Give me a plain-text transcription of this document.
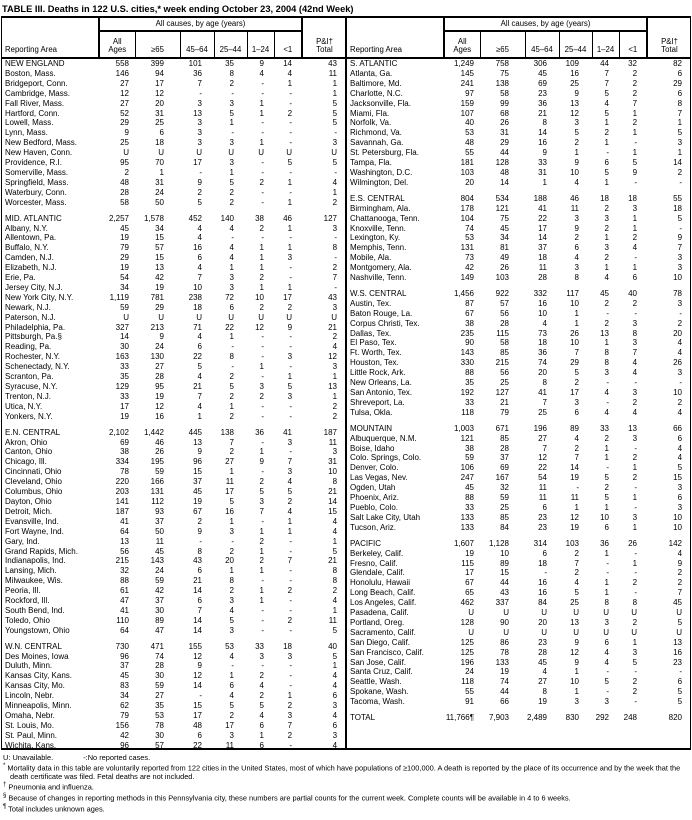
TABLE III. Deaths in 122 U.S. cities,* week ending October 23, 2004 (42nd Week)
	All causes, by age (years)						
Reporting Area	All
Ages	≥65	45–64	25–44	1–24	<1	P&I†
Total
NEW ENGLAND	558	399	101	35	9	14	43
Boston, Mass.	146	94	36	8	4	4	11
Bridgeport, Conn.	27	17	7	2	-	1	1
Cambridge, Mass.	12	12	-	-	-	-	1
Fall River, Mass.	27	20	3	3	1	-	5
Hartford, Conn.	52	31	13	5	1	2	5
Lowell, Mass.	29	25	3	1	-	-	5
Lynn, Mass.	9	6	3	-	-	-	-
New Bedford, Mass.	25	18	3	3	1	-	3
New Haven, Conn.	U	U	U	U	U	U	U
Providence, R.I.	95	70	17	3	-	5	5
Somerville, Mass.	2	1	-	1	-	-	-
Springfield, Mass.	48	31	9	5	2	1	4
Waterbury, Conn.	28	24	2	2	-	-	1
Worcester, Mass.	58	50	5	2	-	1	2

MID. ATLANTIC	2,257	1,578	452	140	38	46	127
Albany, N.Y.	45	34	4	4	2	1	3
Allentown, Pa.	19	15	4	-	-	-	-
Buffalo, N.Y.	79	57	16	4	1	1	8
Camden, N.J.	29	15	6	4	1	3	-
Elizabeth, N.J.	19	13	4	1	1	-	2
Erie, Pa.	54	42	7	3	2	-	7
Jersey City, N.J.	34	19	10	3	1	1	-
New York City, N.Y.	1,119	781	238	72	10	17	43
Newark, N.J.	59	29	18	6	2	2	3
Paterson, N.J.	U	U	U	U	U	U	U
Philadelphia, Pa.	327	213	71	22	12	9	21
Pittsburgh, Pa.§	14	9	4	1	-	-	2
Reading, Pa.	30	24	6	-	-	-	4
Rochester, N.Y.	163	130	22	8	-	3	12
Schenectady, N.Y.	33	27	5	-	1	-	3
Scranton, Pa.	35	28	4	2	-	1	1
Syracuse, N.Y.	129	95	21	5	3	5	13
Trenton, N.J.	33	19	7	2	2	3	1
Utica, N.Y.	17	12	4	1	-	-	2
Yonkers, N.Y.	19	16	1	2	-	-	2

E.N. CENTRAL	2,102	1,442	445	138	36	41	187
Akron, Ohio	69	46	13	7	-	3	11
Canton, Ohio	38	26	9	2	1	-	3
Chicago, Ill.	334	195	96	27	9	7	31
Cincinnati, Ohio	78	59	15	1	-	3	10
Cleveland, Ohio	220	166	37	11	2	4	8
Columbus, Ohio	203	131	45	17	5	5	21
Dayton, Ohio	141	112	19	5	3	2	14
Detroit, Mich.	187	93	67	16	7	4	15
Evansville, Ind.	41	37	2	1	-	1	4
Fort Wayne, Ind.	64	50	9	3	1	1	4
Gary, Ind.	13	11	-	-	2	-	1
Grand Rapids, Mich.	56	45	8	2	1	-	5
Indianapolis, Ind.	215	143	43	20	2	7	21
Lansing, Mich.	32	24	6	1	1	-	8
Milwaukee, Wis.	88	59	21	8	-	-	8
Peoria, Ill.	61	42	14	2	1	2	2
Rockford, Ill.	47	37	6	3	1	-	4
South Bend, Ind.	41	30	7	4	-	-	1
Toledo, Ohio	110	89	14	5	-	2	11
Youngstown, Ohio	64	47	14	3	-	-	5

W.N. CENTRAL	730	471	155	53	33	18	40
Des Moines, Iowa	96	74	12	4	3	3	5
Duluth, Minn.	37	28	9	-	-	-	1
Kansas City, Kans.	45	30	12	1	2	-	4
Kansas City, Mo.	83	59	14	6	4	-	4
Lincoln, Nebr.	34	27	-	4	2	1	6
Minneapolis, Minn.	62	35	15	5	5	2	3
Omaha, Nebr.	79	53	17	2	4	3	4
St. Louis, Mo.	156	78	48	17	6	7	6
St. Paul, Minn.	42	30	6	3	1	2	3
Wichita, Kans.	96	57	22	11	6	-	4
	All causes, by age (years)						
Reporting Area	All
Ages	≥65	45–64	25–44	1–24	<1	P&I†
Total
S. ATLANTIC	1,249	758	306	109	44	32	82
Atlanta, Ga.	145	75	45	16	7	2	6
Baltimore, Md.	241	138	69	25	7	2	29
Charlotte, N.C.	97	58	23	9	5	2	6
Jacksonville, Fla.	159	99	36	13	4	7	8
Miami, Fla.	107	68	21	12	5	1	7
Norfolk, Va.	40	26	8	3	1	2	1
Richmond, Va.	53	31	14	5	2	1	5
Savannah, Ga.	48	29	16	2	1	-	3
St. Petersburg, Fla.	55	44	9	1	-	1	1
Tampa, Fla.	181	128	33	9	6	5	14
Washington, D.C.	103	48	31	10	5	9	2
Wilmington, Del.	20	14	1	4	1	-	-

E.S. CENTRAL	804	534	188	46	18	18	55
Birmingham, Ala.	178	121	41	11	2	3	18
Chattanooga, Tenn.	104	75	22	3	3	1	5
Knoxville, Tenn.	74	45	17	9	2	1	-
Lexington, Ky.	53	34	14	2	1	2	9
Memphis, Tenn.	131	81	37	6	3	4	7
Mobile, Ala.	73	49	18	4	2	-	3
Montgomery, Ala.	42	26	11	3	1	1	3
Nashville, Tenn.	149	103	28	8	4	6	10

W.S. CENTRAL	1,456	922	332	117	45	40	78
Austin, Tex.	87	57	16	10	2	2	3
Baton Rouge, La.	67	56	10	1	-	-	-
Corpus Christi, Tex.	38	28	4	1	2	3	2
Dallas, Tex.	235	115	73	26	13	8	20
El Paso, Tex.	90	58	18	10	1	3	4
Ft. Worth, Tex.	143	85	36	7	8	7	4
Houston, Tex.	330	215	74	29	8	4	26
Little Rock, Ark.	88	56	20	5	3	4	3
New Orleans, La.	35	25	8	2	-	-	-
San Antonio, Tex.	192	127	41	17	4	3	10
Shreveport, La.	33	21	7	3	-	2	2
Tulsa, Okla.	118	79	25	6	4	4	4

MOUNTAIN	1,003	671	196	89	33	13	66
Albuquerque, N.M.	121	85	27	4	2	3	6
Boise, Idaho	38	28	7	2	1	-	4
Colo. Springs, Colo.	59	37	12	7	1	2	4
Denver, Colo.	106	69	22	14	-	1	5
Las Vegas, Nev.	247	167	54	19	5	2	15
Ogden, Utah	45	32	11	-	2	-	3
Phoenix, Ariz.	88	59	11	11	5	1	6
Pueblo, Colo.	33	25	6	1	1	-	3
Salt Lake City, Utah	133	85	23	12	10	3	10
Tucson, Ariz.	133	84	23	19	6	1	10

PACIFIC	1,607	1,128	314	103	36	26	142
Berkeley, Calif.	19	10	6	2	1	-	4
Fresno, Calif.	115	89	18	7	-	1	9
Glendale, Calif.	17	15	-	2	-	-	2
Honolulu, Hawaii	67	44	16	4	1	2	2
Long Beach, Calif.	65	43	16	5	1	-	7
Los Angeles, Calif.	462	337	84	25	8	8	45
Pasadena, Calif.	U	U	U	U	U	U	U
Portland, Oreg.	128	90	20	13	3	2	5
Sacramento, Calif.	U	U	U	U	U	U	U
San Diego, Calif.	125	86	23	9	6	1	13
San Francisco, Calif.	125	78	28	12	4	3	16
San Jose, Calif.	196	133	45	9	4	5	23
Santa Cruz, Calif.	24	19	4	1	-	-	-
Seattle, Wash.	118	74	27	10	5	2	6
Spokane, Wash.	55	44	8	1	-	2	5
Tacoma, Wash.	91	66	19	3	3	-	5

TOTAL	11,766¶	7,903	2,489	830	292	248	820
U: Unavailable.	-:No reported cases.
* Mortality data in this table are voluntarily reported from 122 cities in the United States, most of which have populations of ≥100,000. A death is reported by the place of its occurrence and by the week that the death certificate was filed. Fetal deaths are not included.
† Pneumonia and influenza.
§ Because of changes in reporting methods in this Pennsylvania city, these numbers are partial counts for the current week. Complete counts will be available in 4 to 6 weeks.
¶ Total includes unknown ages.
